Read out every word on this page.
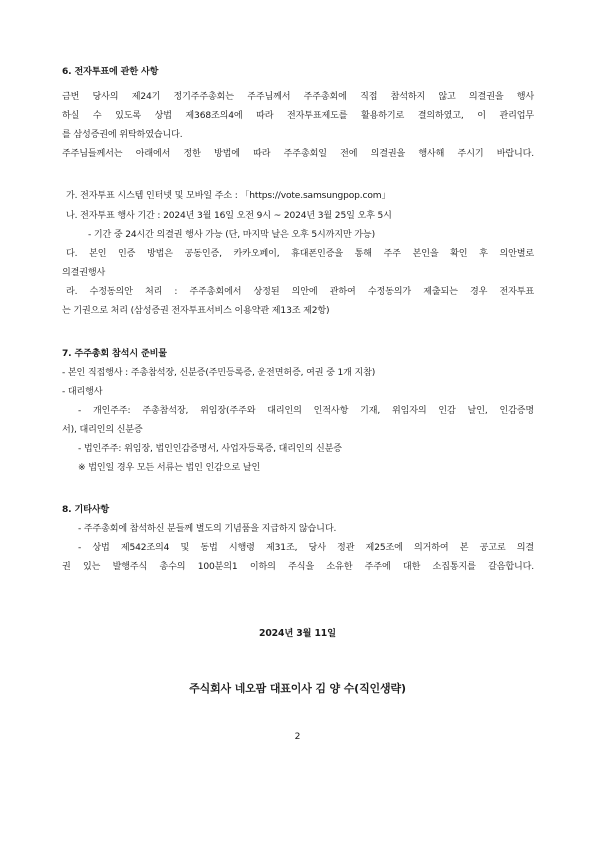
6. 전자투표에 관한 사항
금번 당사의 제24기 정기주주총회는 주주님께서 주주총회에 직접 참석하지 않고 의결권을 행사
하실 수 있도록 상법 제368조의4에 따라 전자투표제도를 활용하기로 결의하였고, 이 관리업무
를 삼성증권에 위탁하였습니다.
주주님들께서는 아래에서 정한 방법에 따라 주주총회일 전에 의결권을 행사해 주시기 바랍니다.
가. 전자투표 시스템 인터넷 및 모바일 주소 : 「https://vote.samsungpop.com」
나. 전자투표 행사 기간 : 2024년 3월 16일 오전 9시 ~ 2024년 3월 25일 오후 5시
- 기간 중 24시간 의결권 행사 가능 (단, 마지막 날은 오후 5시까지만 가능)
다. 본인 인증 방법은 공동인증, 카카오페이, 휴대폰인증을 통해 주주 본인을 확인 후 의안별로
의결권행사
라. 수정동의안 처리 : 주주총회에서 상정된 의안에 관하여 수정동의가 제출되는 경우 전자투표
는 기권으로 처리 (삼성증권 전자투표서비스 이용약관 제13조 제2항)
7. 주주총회 참석시 준비물
- 본인 직접행사 : 주총참석장, 신분증(주민등록증, 운전면허증, 여권 중 1개 지참)
- 대리행사
- 개인주주: 주총참석장, 위임장(주주와 대리인의 인적사항 기재, 위임자의 인감 날인, 인감증명
서), 대리인의 신분증
- 법인주주: 위임장, 법인인감증명서, 사업자등록증, 대리인의 신분증
※ 법인일 경우 모든 서류는 법인 인감으로 날인
8. 기타사항
- 주주총회에 참석하신 분들께 별도의 기념품을 지급하지 않습니다.
- 상법 제542조의4 및 동법 시행령 제31조, 당사 정관 제25조에 의거하여 본 공고로 의결
권 있는 발행주식 총수의 100분의1 이하의 주식을 소유한 주주에 대한 소집통지를 갈음합니다.
2024년 3월 11일
주식회사 네오팜 대표이사 김 양 수(직인생략)
2
